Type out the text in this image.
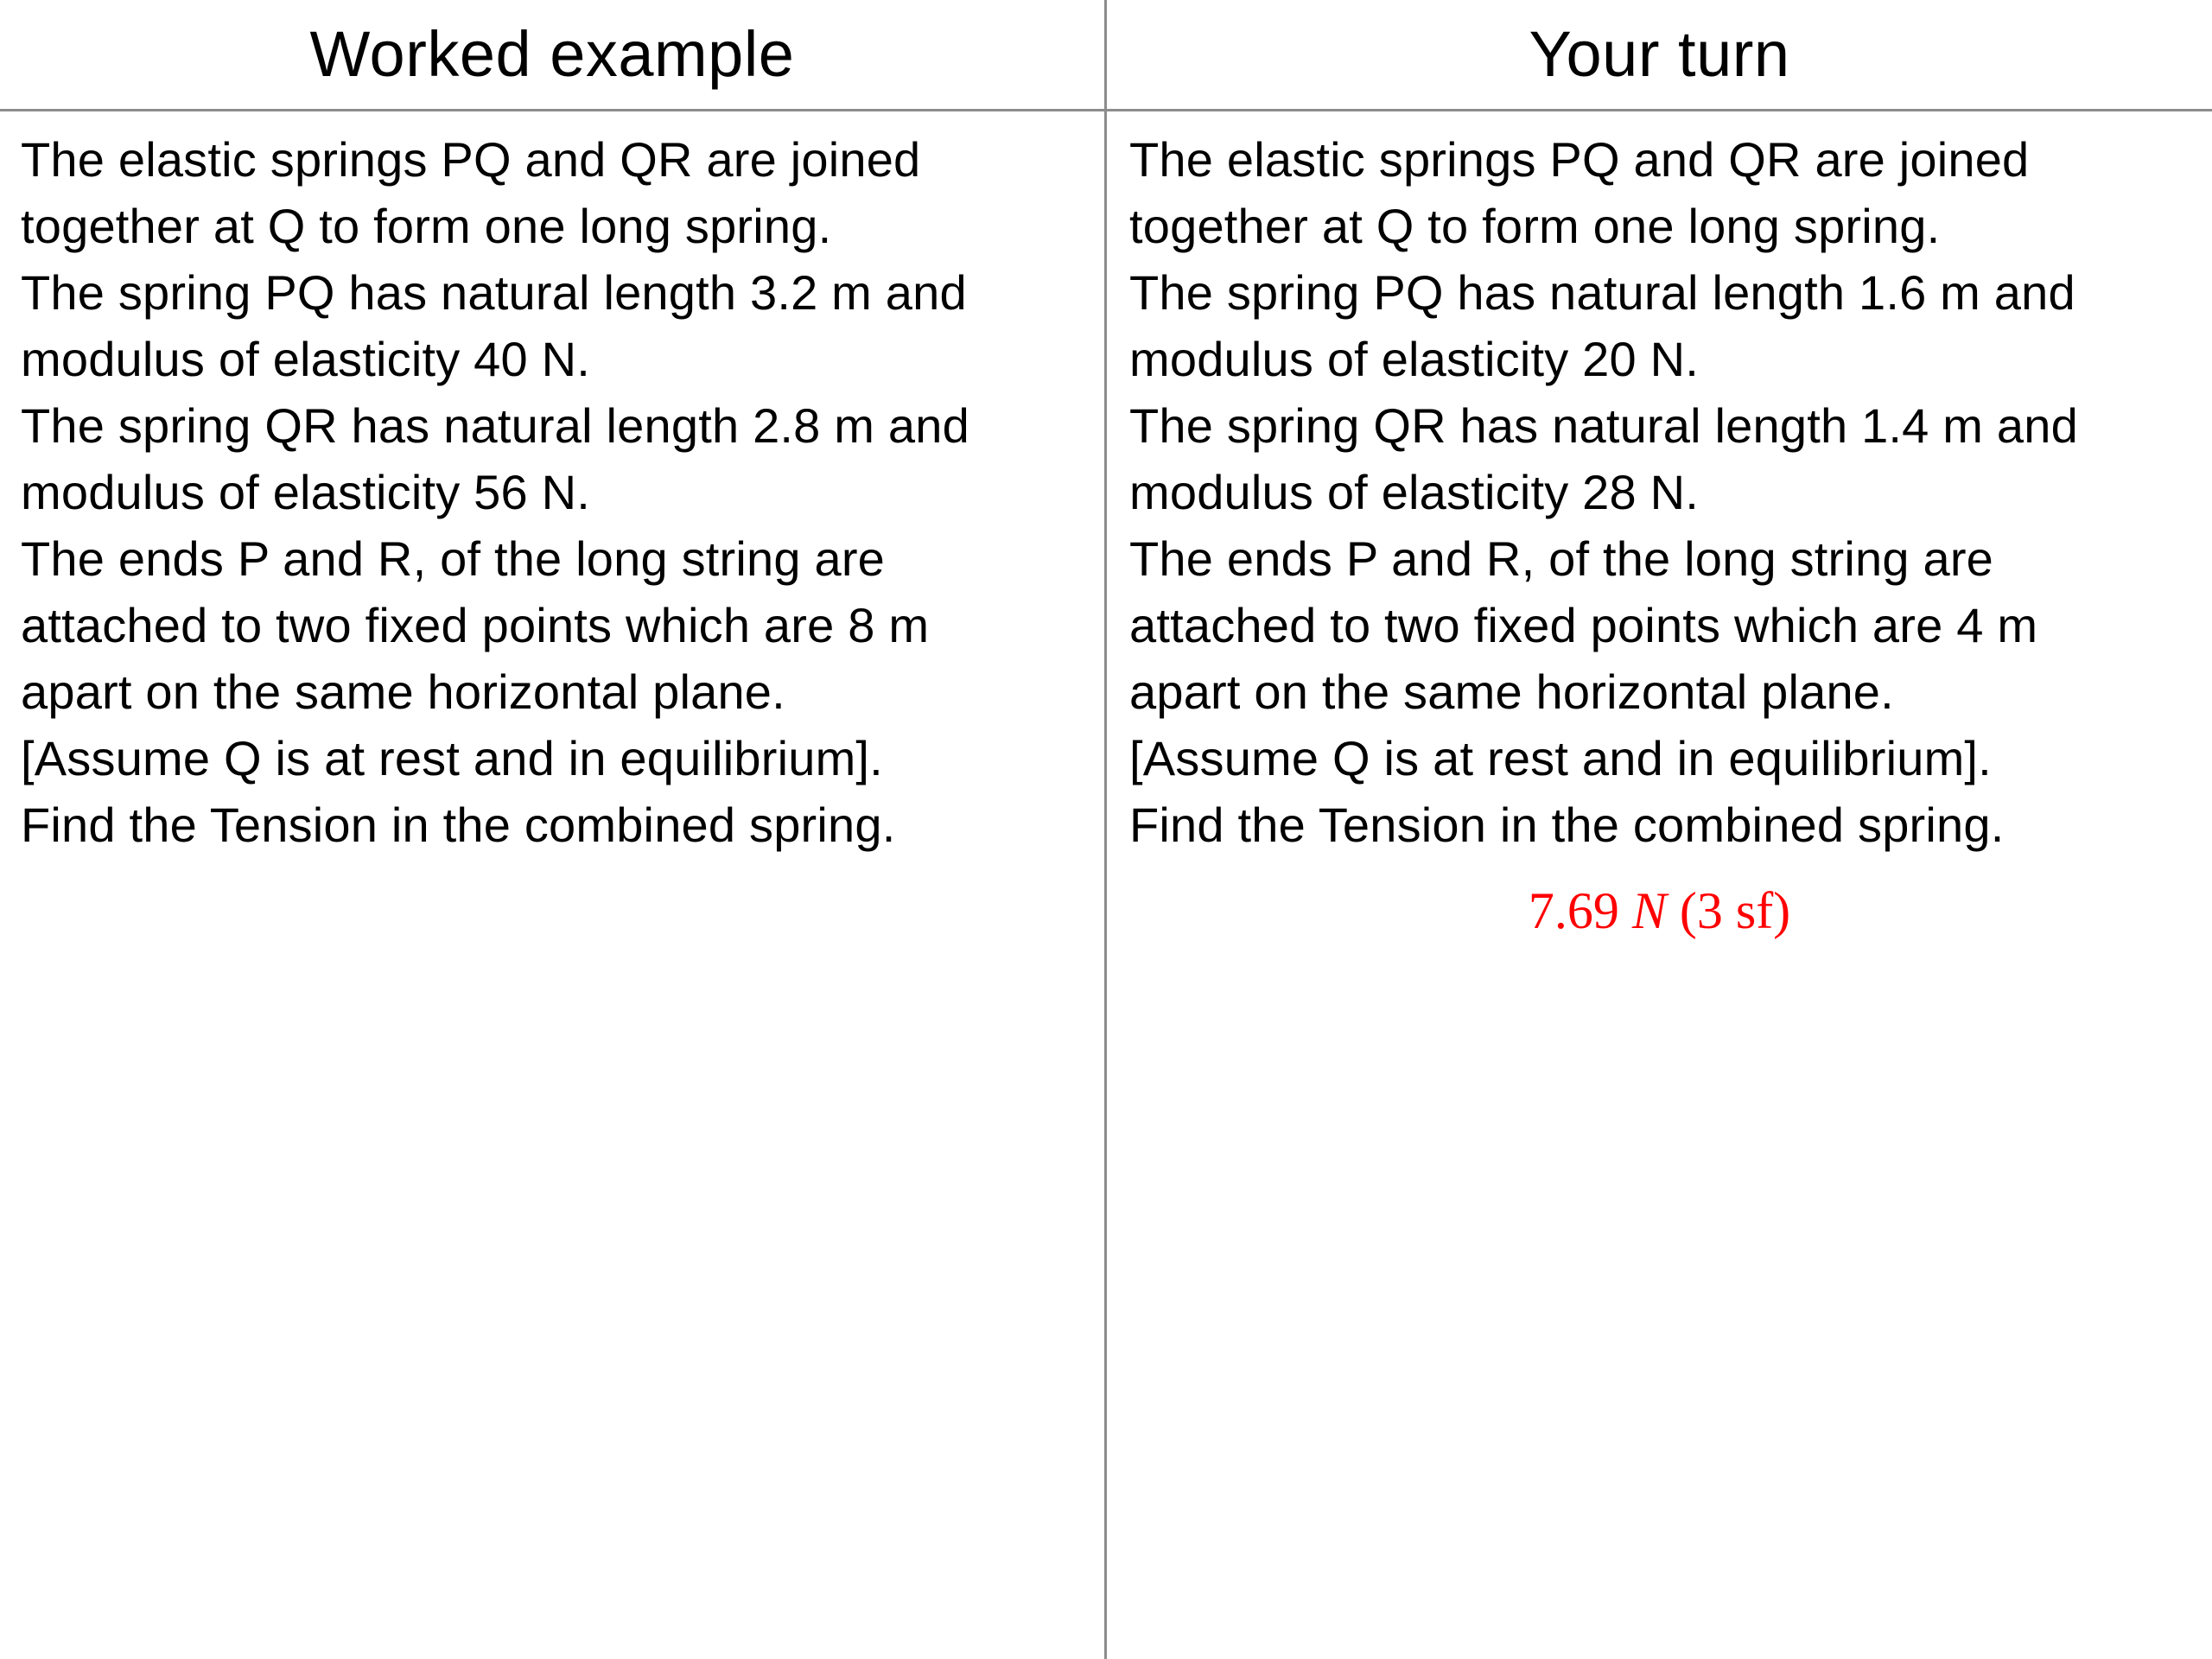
Worked example	Your turn
The elastic springs PQ and QR are joined
together at Q to form one long spring.
The spring PQ has natural length 3.2 m and
modulus of elasticity 40 N.
The spring QR has natural length 2.8 m and
modulus of elasticity 56 N.
The ends P and R, of the long string are
attached to two fixed points which are 8 m
apart on the same horizontal plane.
[Assume Q is at rest and in equilibrium].
Find the Tension in the combined spring.
The elastic springs PQ and QR are joined
together at Q to form one long spring.
The spring PQ has natural length 1.6 m and
modulus of elasticity 20 N.
The spring QR has natural length 1.4 m and
modulus of elasticity 28 N.
The ends P and R, of the long string are
attached to two fixed points which are 4 m
apart on the same horizontal plane.
[Assume Q is at rest and in equilibrium].
Find the Tension in the combined spring.
7.69 N (3 sf)
